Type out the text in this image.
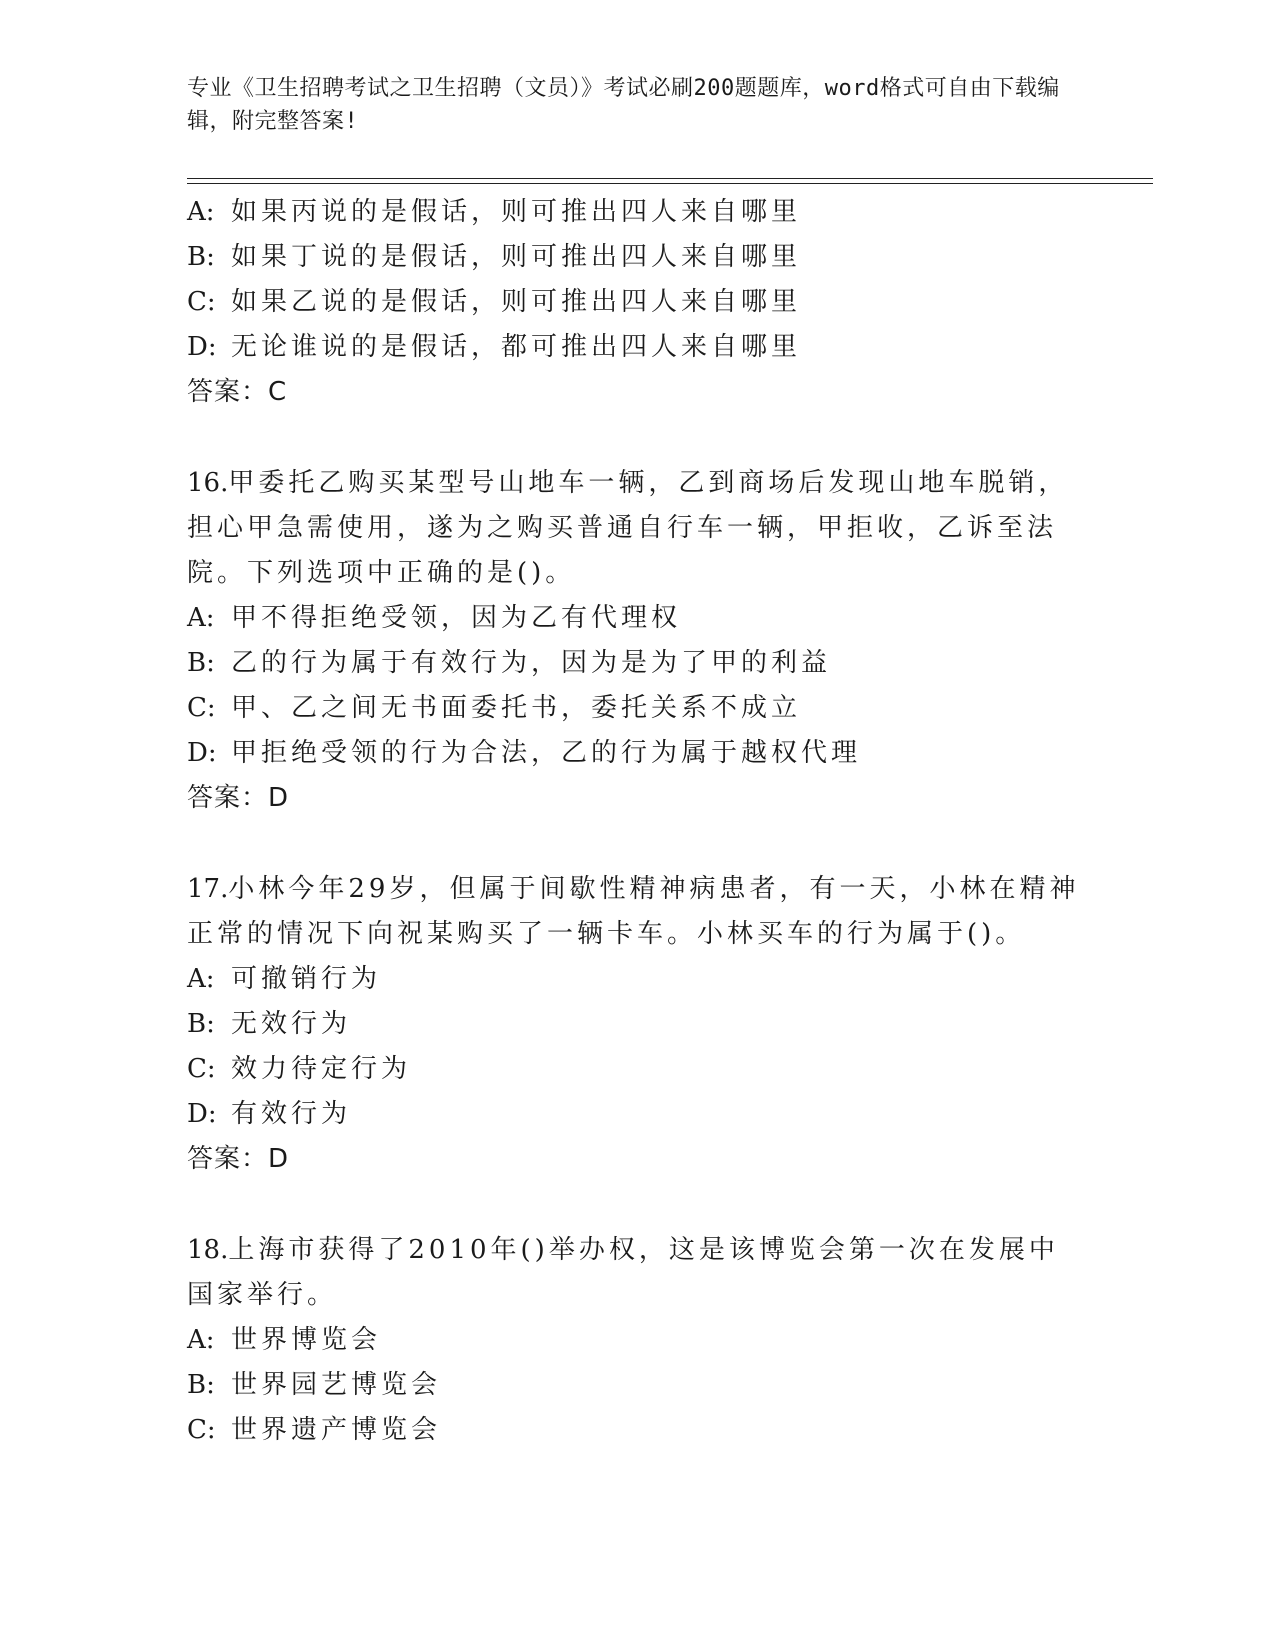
专业《卫生招聘考试之卫生招聘（文员）》考试必刷200题题库，word格式可自由下载编辑，附完整答案!
A: 如果丙说的是假话，则可推出四人来自哪里
B: 如果丁说的是假话，则可推出四人来自哪里
C: 如果乙说的是假话，则可推出四人来自哪里
D: 无论谁说的是假话，都可推出四人来自哪里
答案：C
16.甲委托乙购买某型号山地车一辆，乙到商场后发现山地车脱销，担心甲急需使用，遂为之购买普通自行车一辆，甲拒收，乙诉至法院。下列选项中正确的是()。
A: 甲不得拒绝受领，因为乙有代理权
B: 乙的行为属于有效行为，因为是为了甲的利益
C: 甲、乙之间无书面委托书，委托关系不成立
D: 甲拒绝受领的行为合法，乙的行为属于越权代理
答案：D
17.小林今年29岁，但属于间歇性精神病患者，有一天，小林在精神正常的情况下向祝某购买了一辆卡车。小林买车的行为属于()。
A: 可撤销行为
B: 无效行为
C: 效力待定行为
D: 有效行为
答案：D
18.上海市获得了2010年()举办权，这是该博览会第一次在发展中国家举行。
A: 世界博览会
B: 世界园艺博览会
C: 世界遗产博览会
